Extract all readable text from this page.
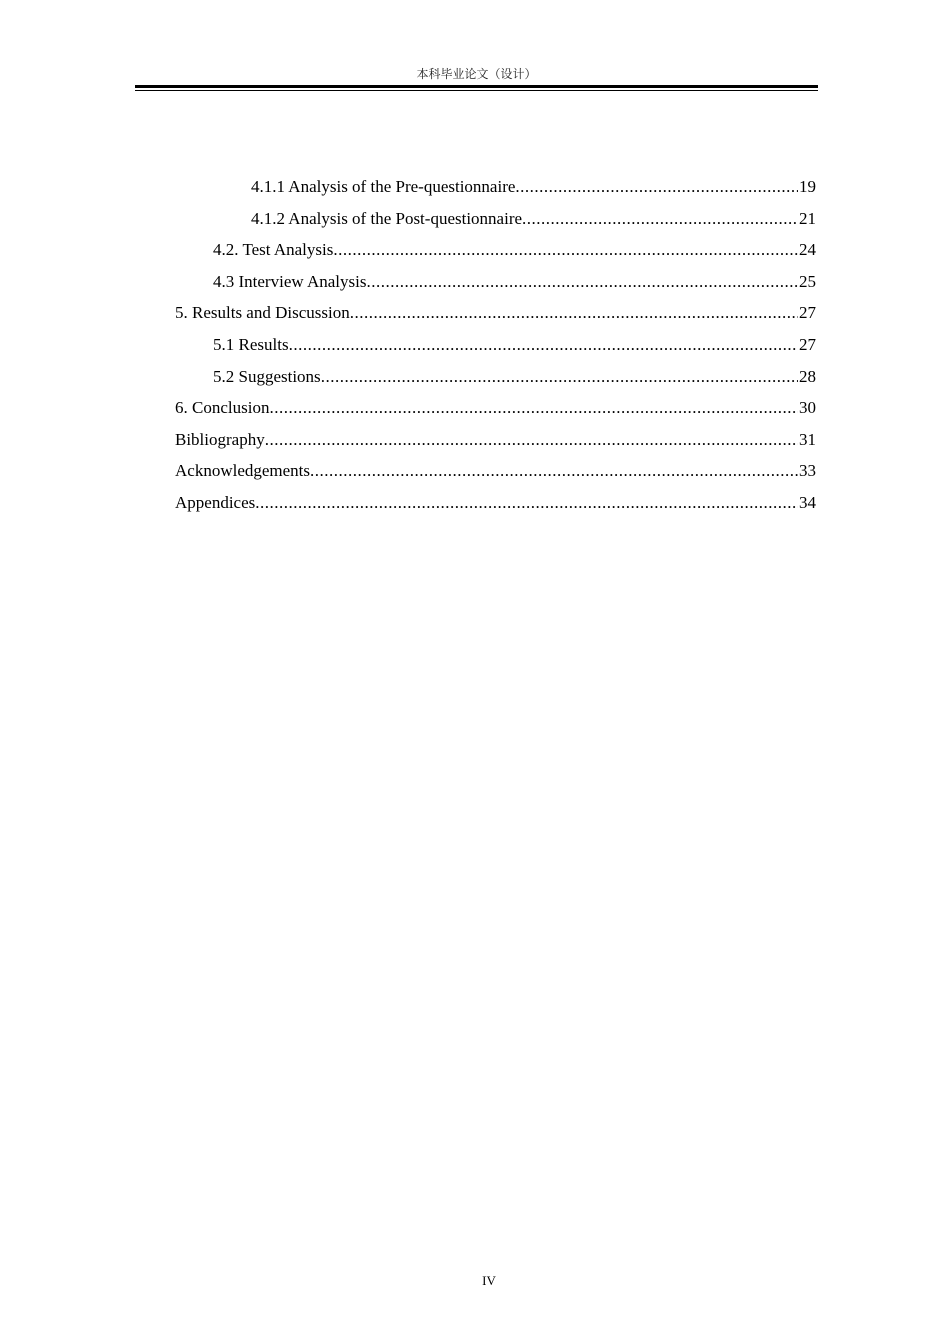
本科毕业论文（设计）
4.1.1 Analysis of the Pre-questionnaire .....	19
4.1.2 Analysis of the Post-questionnaire .....	21
4.2. Test Analysis .....	24
4.3 Interview Analysis .....	25
5. Results and Discussion .....	27
5.1 Results .....	27
5.2 Suggestions .....	28
6. Conclusion .....	30
Bibliography .....	31
Acknowledgements .....	33
Appendices .....	34
IV
